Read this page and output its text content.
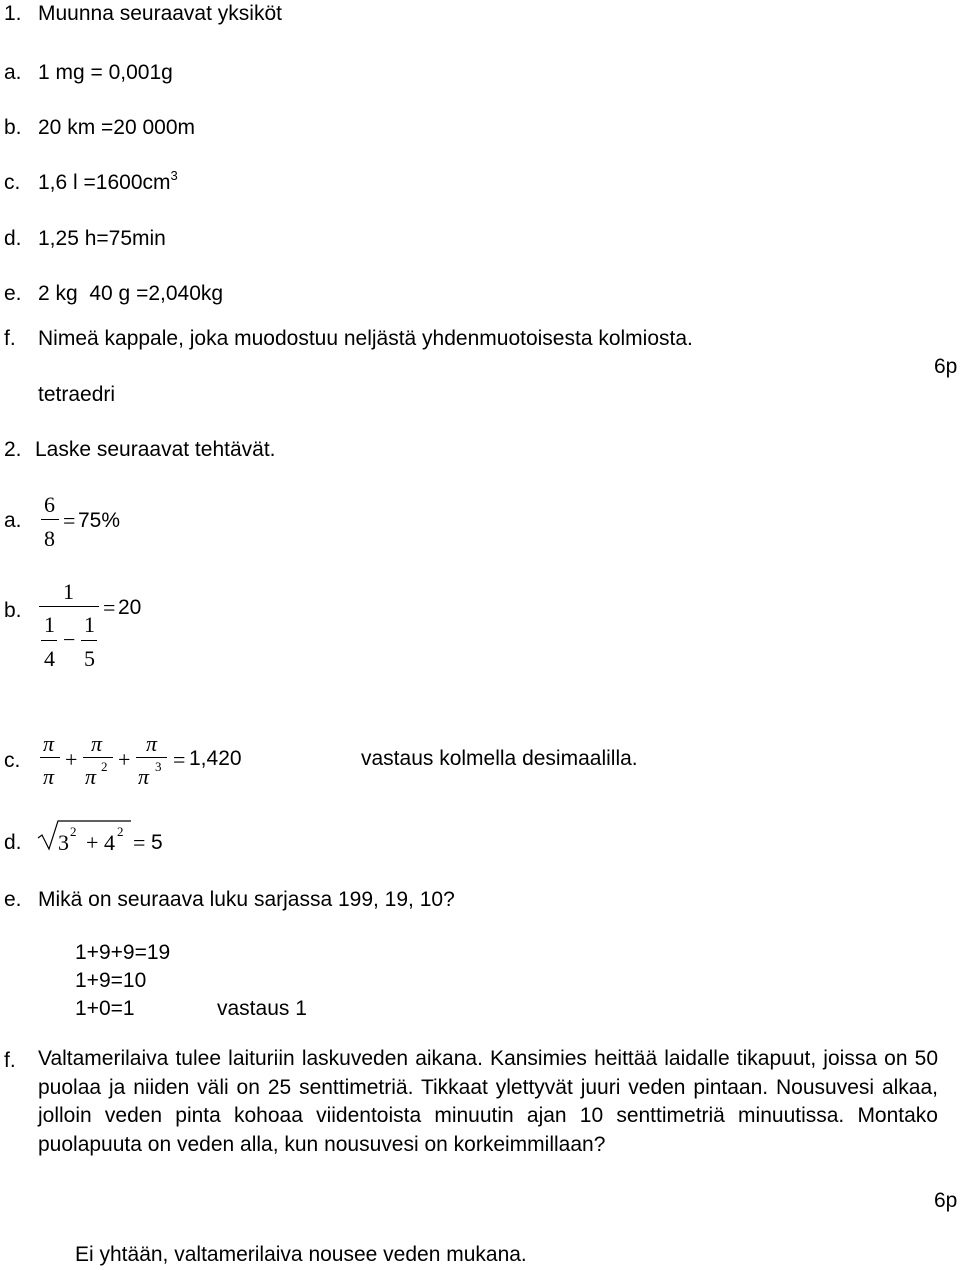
1. Muunna seuraavat yksiköt
a. 1 mg = 0,001g
b. 20 km =20 000m
c. 1,6 $l =1600cm^3$
d. 1,25 h=75min
e. 2 kg  40 g =2,040kg
f. Nimeä kappale, joka muodostuu neljästä yhdenmuotoisesta kolmiosta.
6p
tetraedri
2. Laske seuraavat tehtävät.
a.
6
8
= 75%
b.
1
1
4
−
1
5
= 20
c.
π
π
+
π
π 2 +
π
π 3 = 1,420	vastaus kolmella desimaalilla.
d. 3 2 + 4 2 = 5
e. Mikä on seuraava luku sarjassa 199, 19, 10?
1+9+9=19
1+9=10
1+0=1	vastaus 1
f. Valtamerilaiva tulee laituriin laskuveden aikana. Kansimies heittää laidalle tikapuut, joissa on 50 puolaa ja niiden väli on 25 senttimetriä. Tikkaat ylettyvät juuri veden pintaan. Nousuvesi alkaa, jolloin veden pinta kohoaa viidentoista minuutin ajan 10 senttimetriä minuutissa. Montako puolapuuta on veden alla, kun nousuvesi on korkeimmillaan?
6p
Ei yhtään, valtamerilaiva nousee veden mukana.
